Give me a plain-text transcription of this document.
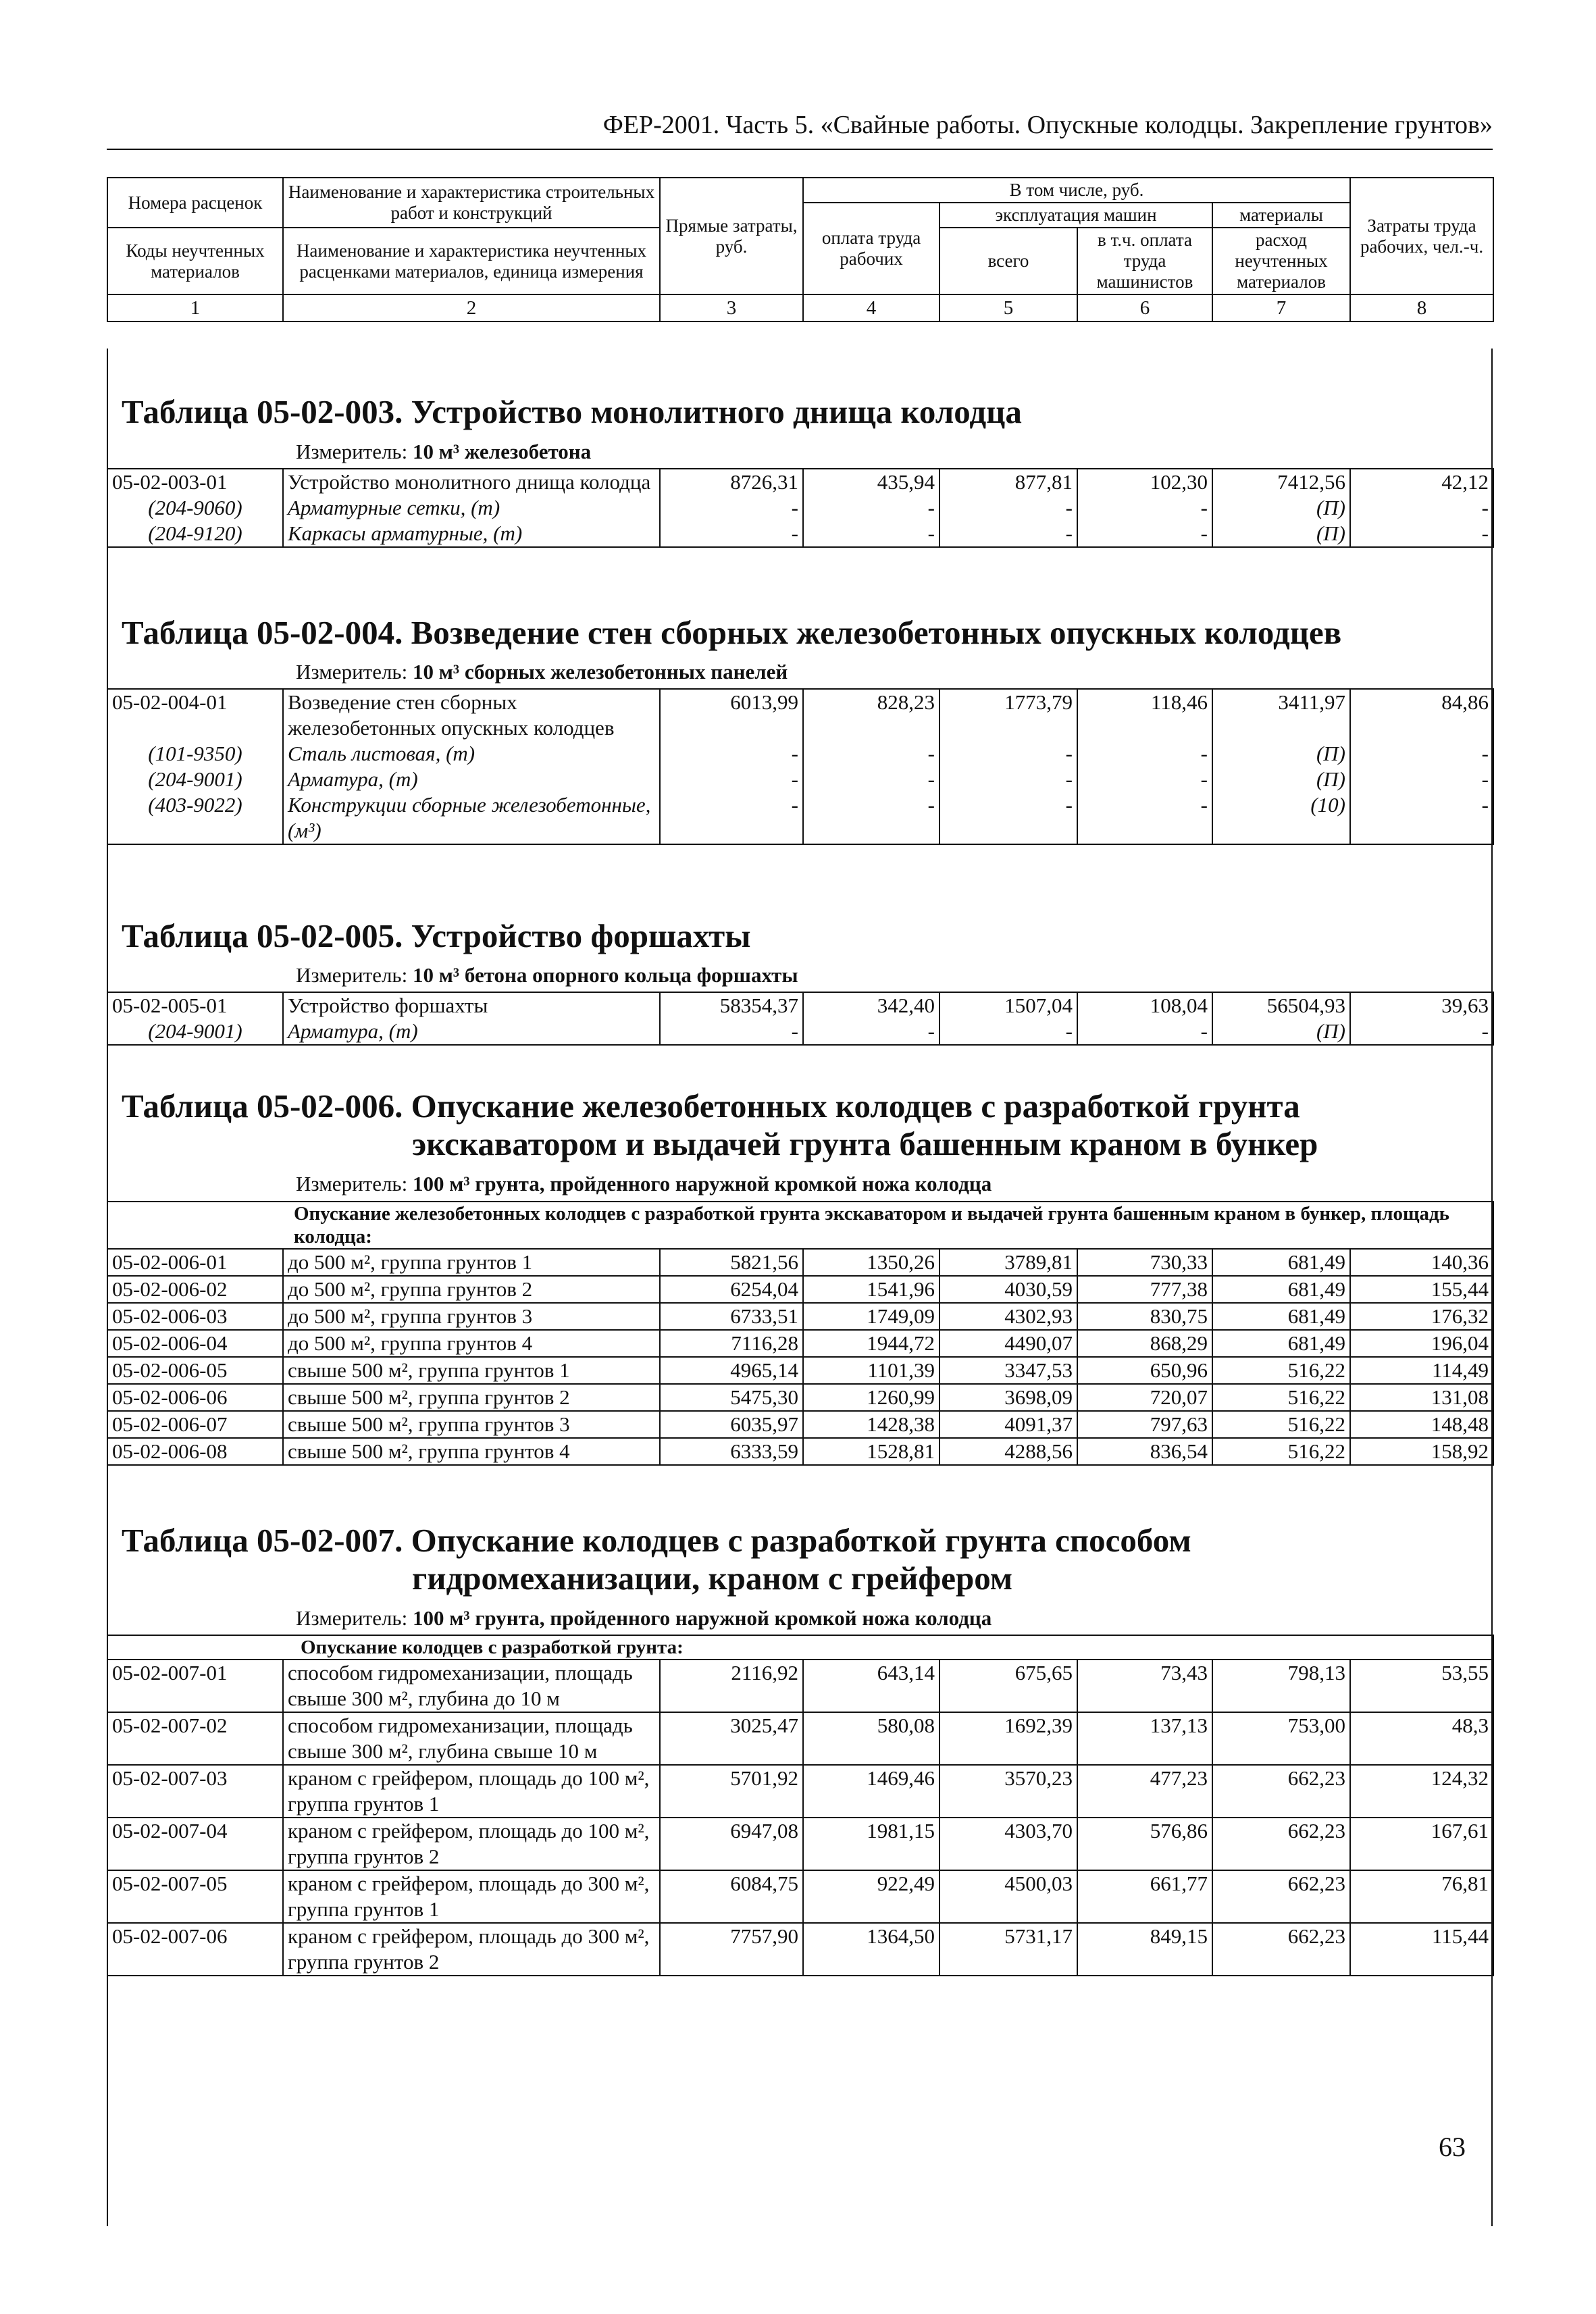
ФЕР-2001. Часть 5. «Свайные работы. Опускные колодцы. Закрепление грунтов»
Номера расценок	Наименование и характеристика строительных работ и конструкций	Прямые затраты, руб.	В том числе, руб.				Затраты труда рабочих, чел.-ч.
			оплата труда рабочих	эксплуатация машин		материалы	
Коды неучтенных материалов	Наименование и характеристика неучтенных расценками материалов, единица измерения			всего	в т.ч. оплата труда машинистов	расход неучтенных материалов	

1	2	3	4	5	6	7	8
Таблица 05-02-003. Устройство монолитного днища колодца
Измеритель: 10 м³ железобетона
05-02-003-01	Устройство монолитного днища колодца	8726,31	435,94	877,81	102,30	7412,56	42,12
(204-9060)	Арматурные сетки, (т)	-	-	-	-	(П)	-
(204-9120)	Каркасы арматурные, (т)	-	-	-	-	(П)	-
Таблица 05-02-004. Возведение стен сборных железобетонных опускных колодцев
Измеритель: 10 м³ сборных железобетонных панелей
05-02-004-01	Возведение стен сборных железобетонных опускных колодцев	6013,99	828,23	1773,79	118,46	3411,97	84,86
(101-9350)	Сталь листовая, (т)	-	-	-	-	(П)	-
(204-9001)	Арматура, (т)	-	-	-	-	(П)	-
(403-9022)	Конструкции сборные железобетонные, (м³)	-	-	-	-	(10)	-
Таблица 05-02-005. Устройство форшахты
Измеритель: 10 м³ бетона опорного кольца форшахты
05-02-005-01	Устройство форшахты	58354,37	342,40	1507,04	108,04	56504,93	39,63
(204-9001)	Арматура, (т)	-	-	-	-	(П)	-
Таблица 05-02-006. Опускание железобетонных колодцев с разработкой грунта
экскаватором и выдачей грунта башенным краном в бункер
Измеритель: 100 м³ грунта, пройденного наружной кромкой ножа колодца
Опускание железобетонных колодцев с разработкой грунта экскаватором и выдачей грунта башенным краном в бункер, площадь колодца:							
05-02-006-01	до 500 м², группа грунтов 1	5821,56	1350,26	3789,81	730,33	681,49	140,36
05-02-006-02	до 500 м², группа грунтов 2	6254,04	1541,96	4030,59	777,38	681,49	155,44
05-02-006-03	до 500 м², группа грунтов 3	6733,51	1749,09	4302,93	830,75	681,49	176,32
05-02-006-04	до 500 м², группа грунтов 4	7116,28	1944,72	4490,07	868,29	681,49	196,04
05-02-006-05	свыше 500 м², группа грунтов 1	4965,14	1101,39	3347,53	650,96	516,22	114,49
05-02-006-06	свыше 500 м², группа грунтов 2	5475,30	1260,99	3698,09	720,07	516,22	131,08
05-02-006-07	свыше 500 м², группа грунтов 3	6035,97	1428,38	4091,37	797,63	516,22	148,48
05-02-006-08	свыше 500 м², группа грунтов 4	6333,59	1528,81	4288,56	836,54	516,22	158,92
Таблица 05-02-007. Опускание колодцев с разработкой грунта способом
гидромеханизации, краном с грейфером
Измеритель: 100 м³ грунта, пройденного наружной кромкой ножа колодца
Опускание колодцев с разработкой грунта:							
05-02-007-01	способом гидромеханизации, площадь свыше 300 м², глубина до 10 м	2116,92	643,14	675,65	73,43	798,13	53,55
05-02-007-02	способом гидромеханизации, площадь свыше 300 м², глубина свыше 10 м	3025,47	580,08	1692,39	137,13	753,00	48,3
05-02-007-03	краном с грейфером, площадь до 100 м², группа грунтов 1	5701,92	1469,46	3570,23	477,23	662,23	124,32
05-02-007-04	краном с грейфером, площадь до 100 м², группа грунтов 2	6947,08	1981,15	4303,70	576,86	662,23	167,61
05-02-007-05	краном с грейфером, площадь до 300 м², группа грунтов 1	6084,75	922,49	4500,03	661,77	662,23	76,81
05-02-007-06	краном с грейфером, площадь до 300 м², группа грунтов 2	7757,90	1364,50	5731,17	849,15	662,23	115,44
63
